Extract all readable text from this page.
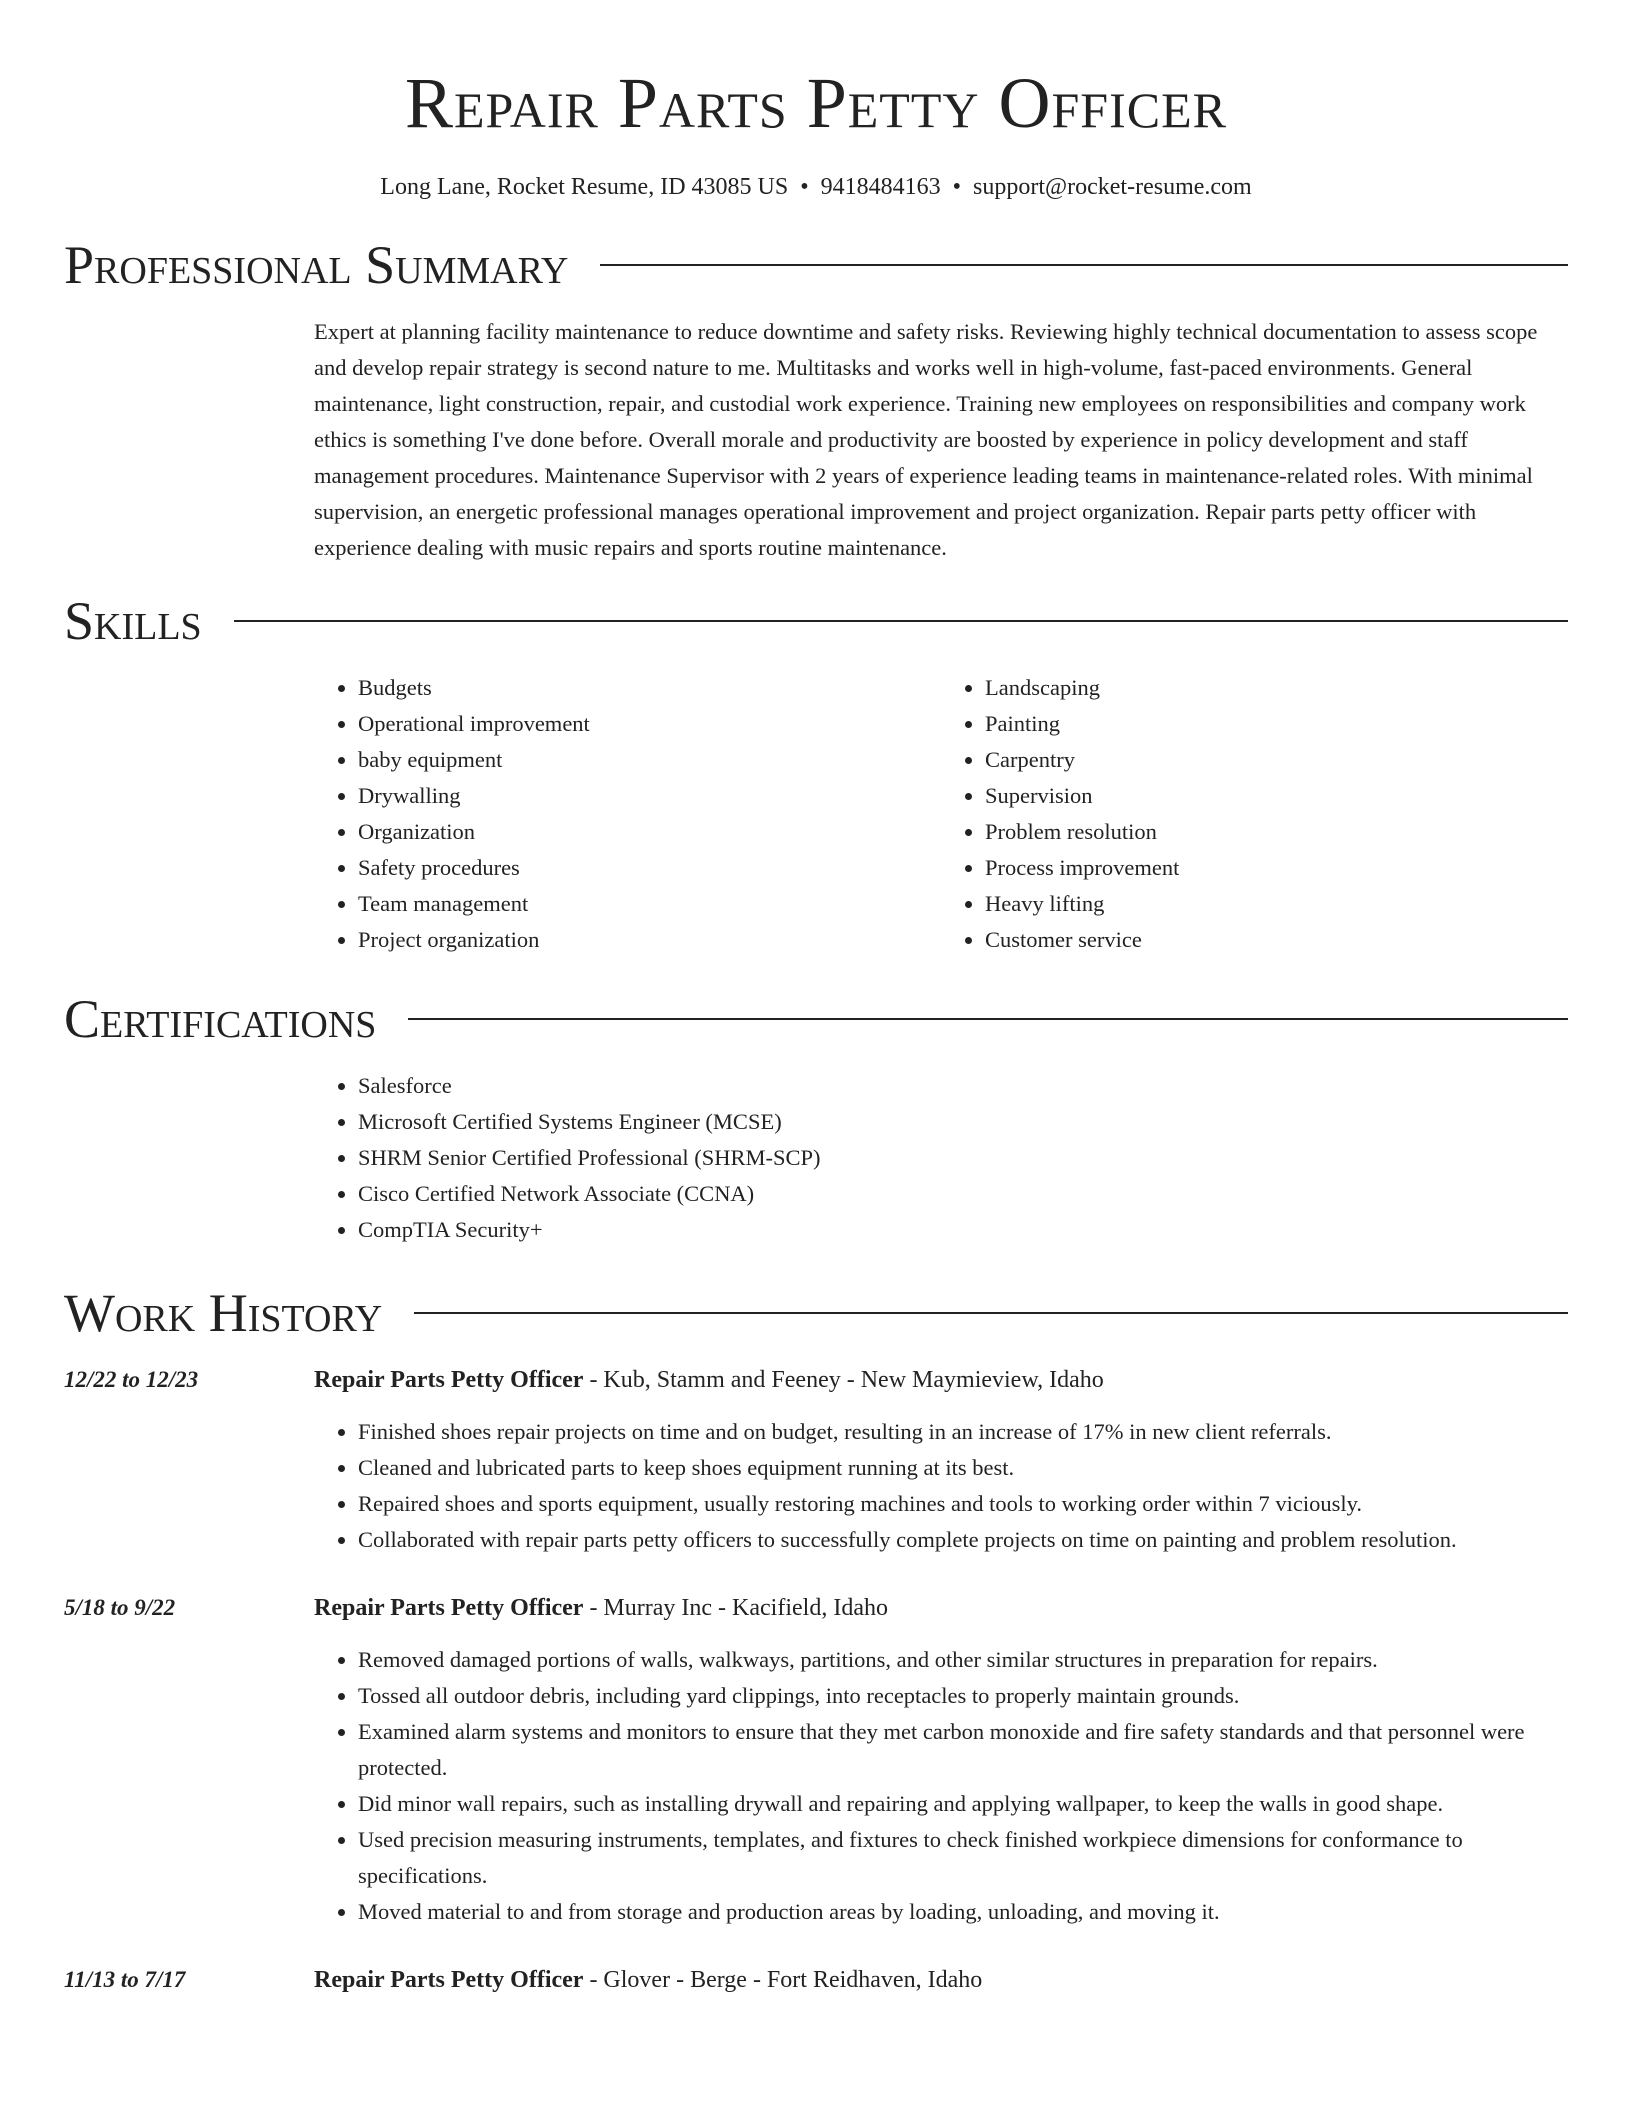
Repair Parts Petty Officer
Long Lane, Rocket Resume, ID 43085 US • 9418484163 • support@rocket-resume.com
Professional Summary

Expert at planning facility maintenance to reduce downtime and safety risks. Reviewing highly technical documentation to assess scope and develop repair strategy is second nature to me. Multitasks and works well in high-volume, fast-paced environments. General maintenance, light construction, repair, and custodial work experience. Training new employees on responsibilities and company work ethics is something I've done before. Overall morale and productivity are boosted by experience in policy development and staff management procedures. Maintenance Supervisor with 2 years of experience leading teams in maintenance-related roles. With minimal supervision, an energetic professional manages operational improvement and project organization. Repair parts petty officer with experience dealing with music repairs and sports routine maintenance.

Skills
• Budgets
• Operational improvement
• baby equipment
• Drywalling
• Organization
• Safety procedures
• Team management
• Project organization
• Landscaping
• Painting
• Carpentry
• Supervision
• Problem resolution
• Process improvement
• Heavy lifting
• Customer service
Certifications
• Salesforce
• Microsoft Certified Systems Engineer (MCSE)
• SHRM Senior Certified Professional (SHRM-SCP)
• Cisco Certified Network Associate (CCNA)
• CompTIA Security+
Work History
12/22 to 12/23	Repair Parts Petty Officer - Kub, Stamm and Feeney - New Maymieview, Idaho
• Finished shoes repair projects on time and on budget, resulting in an increase of 17% in new client referrals.
• Cleaned and lubricated parts to keep shoes equipment running at its best.
• Repaired shoes and sports equipment, usually restoring machines and tools to working order within 7 viciously.
• Collaborated with repair parts petty officers to successfully complete projects on time on painting and problem resolution.
5/18 to 9/22	Repair Parts Petty Officer - Murray Inc - Kacifield, Idaho
• Removed damaged portions of walls, walkways, partitions, and other similar structures in preparation for repairs.
• Tossed all outdoor debris, including yard clippings, into receptacles to properly maintain grounds.
• Examined alarm systems and monitors to ensure that they met carbon monoxide and fire safety standards and that personnel were protected.
• Did minor wall repairs, such as installing drywall and repairing and applying wallpaper, to keep the walls in good shape.
• Used precision measuring instruments, templates, and fixtures to check finished workpiece dimensions for conformance to specifications.
• Moved material to and from storage and production areas by loading, unloading, and moving it.
11/13 to 7/17	Repair Parts Petty Officer - Glover - Berge - Fort Reidhaven, Idaho
